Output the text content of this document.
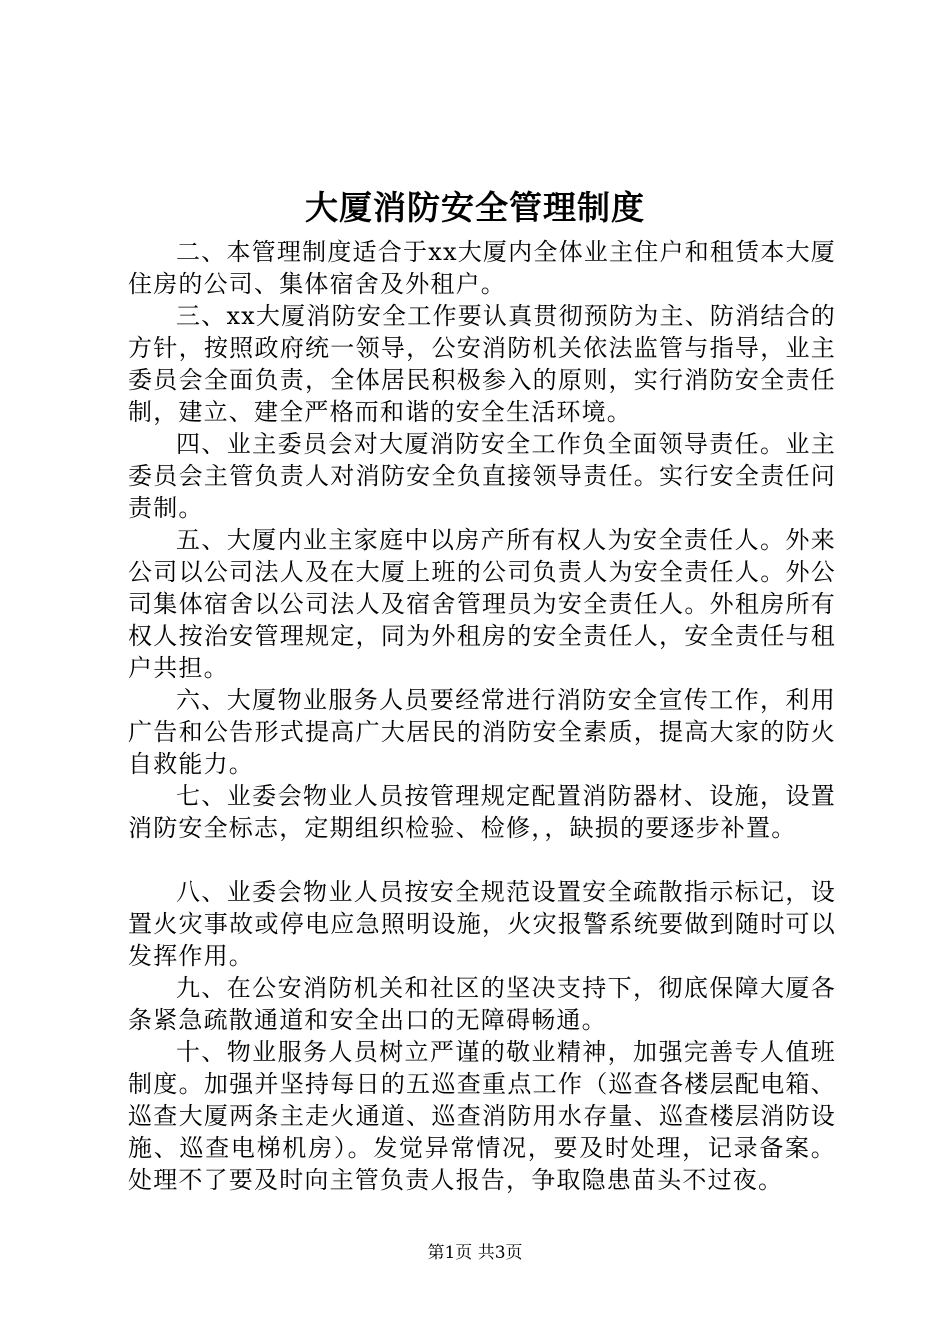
大厦消防安全管理制度

二、本管理制度适合于xx大厦内全体业主住户和租赁本大厦住房的公司、集体宿舍及外租户。

三、xx大厦消防安全工作要认真贯彻预防为主、防消结合的方针，按照政府统一领导，公安消防机关依法监管与指导，业主委员会全面负责，全体居民积极参入的原则，实行消防安全责任制，建立、建全严格而和谐的安全生活环境。

四、业主委员会对大厦消防安全工作负全面领导责任。业主委员会主管负责人对消防安全负直接领导责任。实行安全责任问责制。

五、大厦内业主家庭中以房产所有权人为安全责任人。外来公司以公司法人及在大厦上班的公司负责人为安全责任人。外公司集体宿舍以公司法人及宿舍管理员为安全责任人。外租房所有权人按治安管理规定，同为外租房的安全责任人，安全责任与租户共担。

六、大厦物业服务人员要经常进行消防安全宣传工作，利用广告和公告形式提高广大居民的消防安全素质，提高大家的防火自救能力。

七、业委会物业人员按管理规定配置消防器材、设施，设置消防安全标志，定期组织检验、检修，，缺损的要逐步补置。

八、业委会物业人员按安全规范设置安全疏散指示标记，设置火灾事故或停电应急照明设施，火灾报警系统要做到随时可以发挥作用。

九、在公安消防机关和社区的坚决支持下，彻底保障大厦各条紧急疏散通道和安全出口的无障碍畅通。

十、物业服务人员树立严谨的敬业精神，加强完善专人值班制度。加强并坚持每日的五巡查重点工作（巡查各楼层配电箱、巡查大厦两条主走火通道、巡查消防用水存量、巡查楼层消防设施、巡查电梯机房）。发觉异常情况，要及时处理，记录备案。处理不了要及时向主管负责人报告，争取隐患苗头不过夜。

第1页 共3页
